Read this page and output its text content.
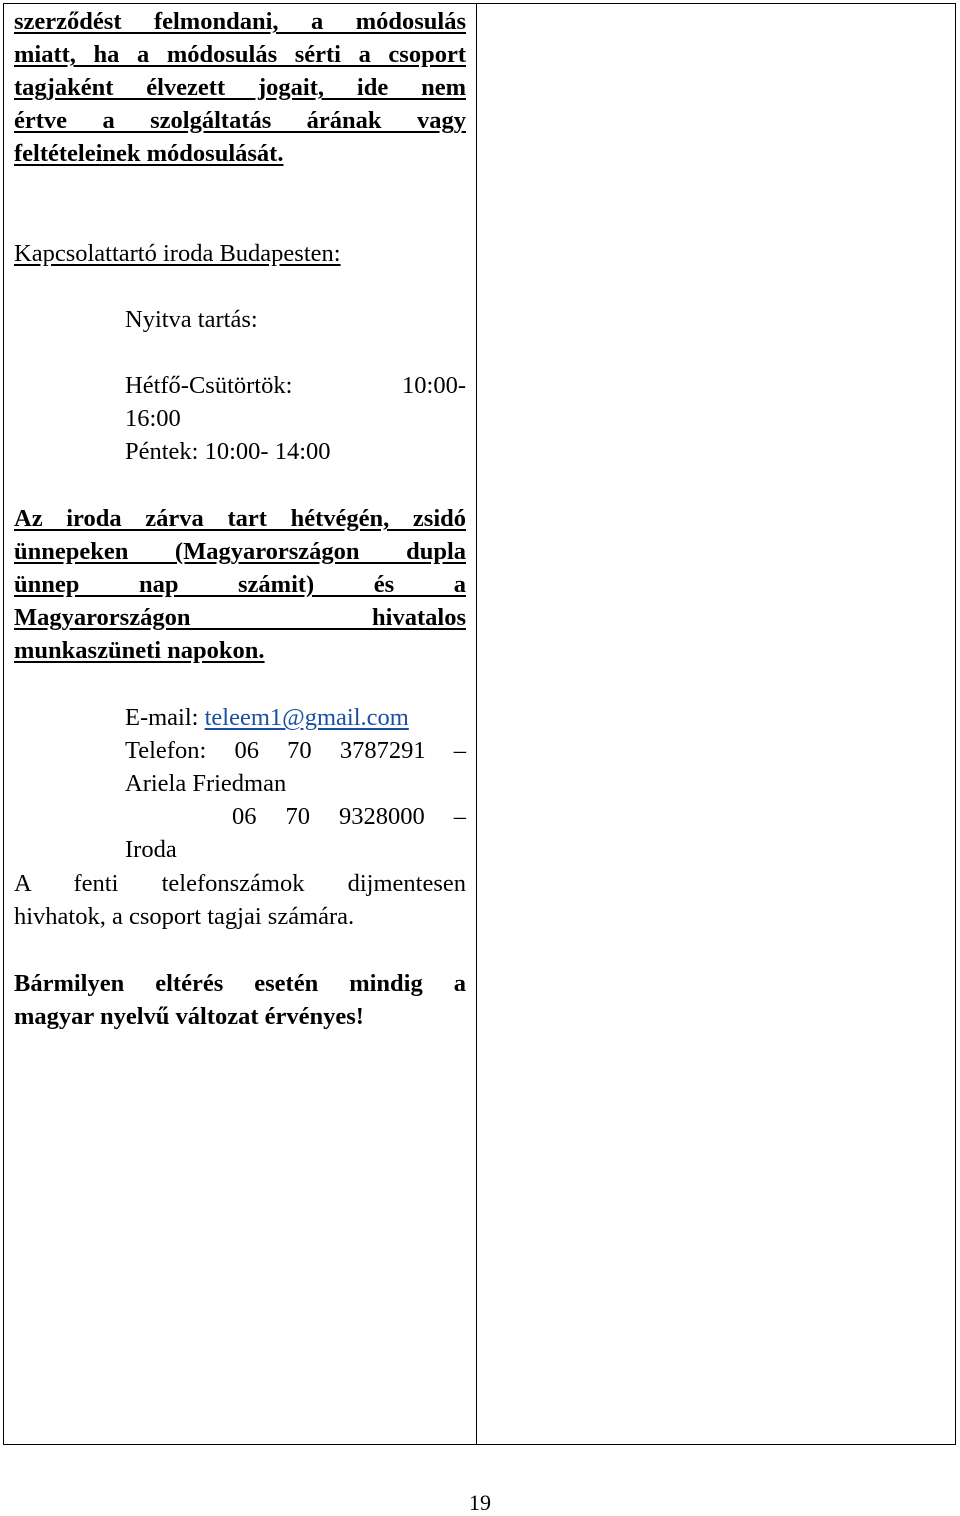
szerződést felmondani, a módosulás
miatt, ha a módosulás sérti a csoport
tagjaként élvezett jogait, ide nem
értve a szolgáltatás árának vagy
feltételeinek módosulását.
Kapcsolattartó iroda Budapesten:
Nyitva tartás:
Hétfő-Csütörtök:	10:00-
16:00
Péntek: 10:00- 14:00
Az iroda zárva tart hétvégén, zsidó
ünnepeken (Magyarországon dupla
ünnep nap számit) és a
Magyarországon hivatalos
munkaszüneti napokon.
E-mail: teleem1@gmail.com
Telefon: 06 70 3787291 –
Ariela Friedman
06 70 9328000 –
Iroda
A fenti telefonszámok dijmentesen
hivhatok, a csoport tagjai számára.
Bármilyen eltérés esetén mindig a
magyar nyelvű változat érvényes!
19
